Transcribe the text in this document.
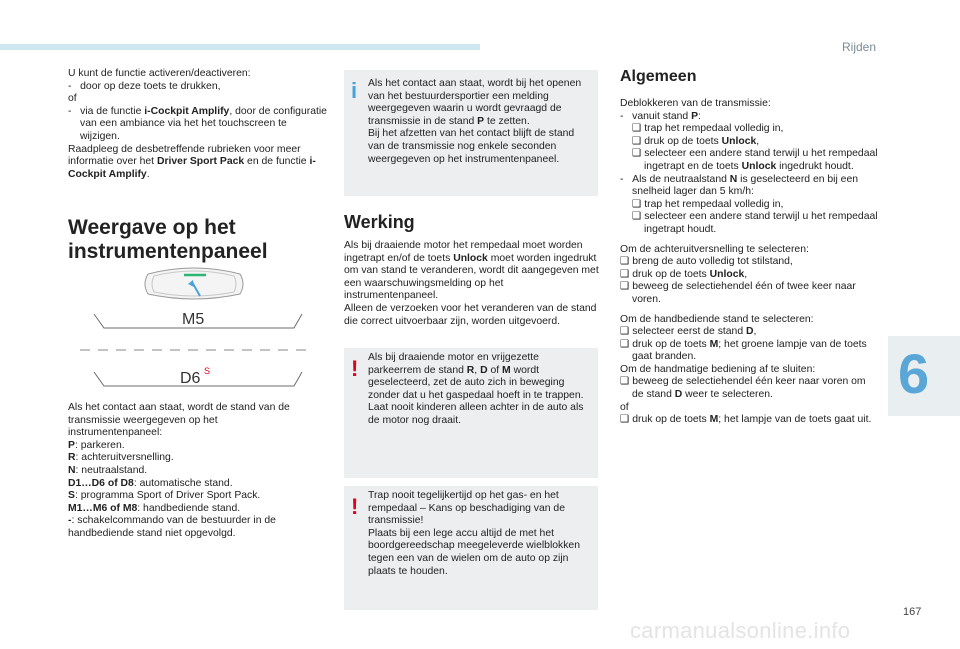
Rijden
6
167
carmanualsonline.info

U kunt de functie activeren/deactiveren:

- door op deze toets te drukken,

of

- via de functie i-Cockpit Amplify, door de configuratie van een ambiance via het het touchscreen te wijzigen.

Raadpleeg de desbetreffende rubrieken voor meer informatie over het Driver Sport Pack en de functie i-Cockpit Amplify.

Weergave op het
instrumentenpaneel
M5
D6 S

Als het contact aan staat, wordt de stand van de transmissie weergegeven op het instrumentenpaneel:

P: parkeren.

R: achteruitversnelling.

N: neutraalstand.

D1…D6 of D8: automatische stand.

S: programma Sport of Driver Sport Pack.

M1…M6 of M8: handbediende stand.

-: schakelcommando van de bestuurder in de handbediende stand niet opgevolgd.

i Als het contact aan staat, wordt bij het openen van het bestuurdersportier een melding weergegeven waarin u wordt gevraagd de transmissie in de stand P te zetten.

Bij het afzetten van het contact blijft de stand van de transmissie nog enkele seconden weergegeven op het instrumentenpaneel.

Werking

Als bij draaiende motor het rempedaal moet worden ingetrapt en/of de toets Unlock moet worden ingedrukt om van stand te veranderen, wordt dit aangegeven met een waarschuwingsmelding op het instrumentenpaneel.

Alleen de verzoeken voor het veranderen van de stand die correct uitvoerbaar zijn, worden uitgevoerd.

! Als bij draaiende motor en vrijgezette parkeerrem de stand R, D of M wordt geselecteerd, zet de auto zich in beweging zonder dat u het gaspedaal hoeft in te trappen.

Laat nooit kinderen alleen achter in de auto als de motor nog draait.

! Trap nooit tegelijkertijd op het gas- en het rempedaal – Kans op beschadiging van de transmissie!

Plaats bij een lege accu altijd de met het boordgereedschap meegeleverde wielblokken tegen een van de wielen om de auto op zijn plaats te houden.

Algemeen

Deblokkeren van de transmissie:

- vanuit stand P:

❑ trap het rempedaal volledig in,

❑ druk op de toets Unlock,

❑ selecteer een andere stand terwijl u het rempedaal ingetrapt en de toets Unlock ingedrukt houdt.

- Als de neutraalstand N is geselecteerd en bij een snelheid lager dan 5 km/h:

❑ trap het rempedaal volledig in,

❑ selecteer een andere stand terwijl u het rempedaal ingetrapt houdt.

Om de achteruitversnelling te selecteren:

❑ breng de auto volledig tot stilstand,

❑ druk op de toets Unlock,

❑ beweeg de selectiehendel één of twee keer naar voren.

Om de handbediende stand te selecteren:

❑ selecteer eerst de stand D,

❑ druk op de toets M; het groene lampje van de toets gaat branden.

Om de handmatige bediening af te sluiten:

❑ beweeg de selectiehendel één keer naar voren om de stand D weer te selecteren.

of

❑ druk op de toets M; het lampje van de toets gaat uit.
